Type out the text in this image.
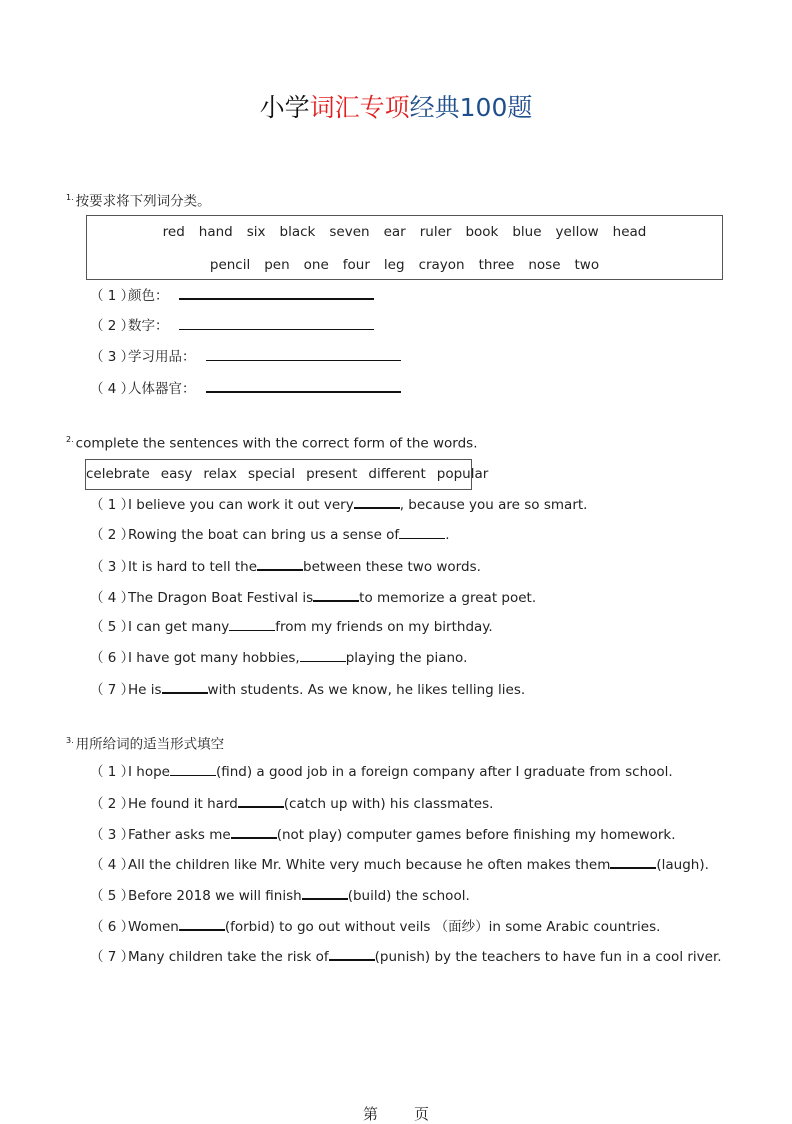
小学词汇专项经典100题
$^{1.}$ 按要求将下列词分类。
red hand six black seven ear ruler book blue yellow head
pencil pen one four leg crayon three nose two
（ 1 ）颜色：
（ 2 ）数字：
（ 3 ）学习用品：
（ 4 ）人体器官：
$^{2.}$ complete the sentences with the correct form of the words.
celebrate easy relax special present different popular
（ 1 ）I believe you can work it out very	, because you are so smart.
（ 2 ）Rowing the boat can bring us a sense of	.
（ 3 ）It is hard to tell the	between these two words.
（ 4 ）The Dragon Boat Festival is	to memorize a great poet.
（ 5 ）I can get many	from my friends on my birthday.
（ 6 ）I have got many hobbies,	playing the piano.
（ 7 ）He is	with students. As we know, he likes telling lies.
$^{3.}$ 用所给词的适当形式填空
（ 1 ）I hope	(find) a good job in a foreign company after I graduate from school.
（ 2 ）He found it hard	(catch up with) his classmates.
（ 3 ）Father asks me	(not play) computer games before finishing my homework.
（ 4 ）All the children like Mr. White very much because he often makes them	(laugh).
（ 5 ）Before 2018 we will finish	(build) the school.
（ 6 ）Women	(forbid) to go out without veils （面纱）in some Arabic countries.
（ 7 ）Many children take the risk of	(punish) by the teachers to have fun in a cool river.
第 页
